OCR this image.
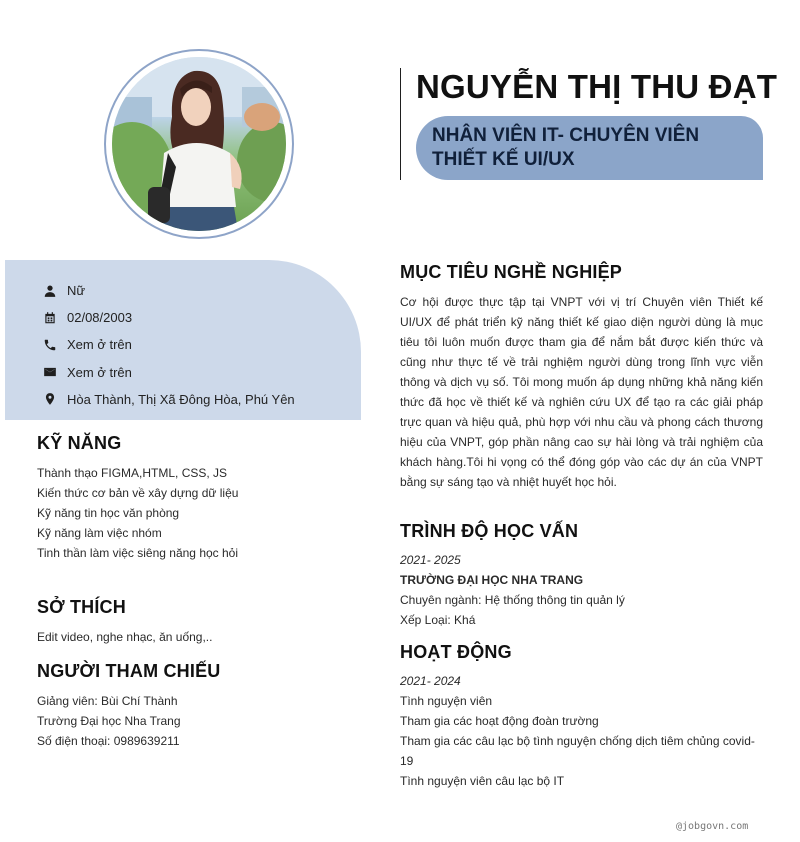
Nữ
02/08/2003
Xem ở trên
Xem ở trên
Hòa Thành, Thị Xã Đông Hòa, Phú Yên
NGUYỄN THỊ THU ĐẠT
NHÂN VIÊN IT- CHUYÊN VIÊN
THIẾT KẾ UI/UX
KỸ NĂNG
Thành thạo FIGMA,HTML, CSS, JS
Kiến thức cơ bản về xây dựng dữ liệu
Kỹ năng tin học văn phòng
Kỹ năng làm việc nhóm
Tinh thần làm việc siêng năng học hỏi
SỞ THÍCH
Edit video, nghe nhạc, ăn uống,..
NGƯỜI THAM CHIẾU
Giảng viên: Bùi Chí Thành
Trường Đại học Nha Trang
Số điện thoại: 0989639211
MỤC TIÊU NGHỀ NGHIỆP
Cơ hội được thực tập tại VNPT với vị trí Chuyên viên Thiết kế UI/UX để phát triển kỹ năng thiết kế giao diện người dùng là mục tiêu tôi luôn muốn được tham gia để nắm bắt được kiến thức và cũng như thực tế về trải nghiệm người dùng trong lĩnh vực viễn thông và dịch vụ số. Tôi mong muốn áp dụng những khả năng kiến thức đã học về thiết kế và nghiên cứu UX để tạo ra các giải pháp trực quan và hiệu quả, phù hợp với nhu cầu và phong cách thương hiệu của VNPT, góp phần nâng cao sự hài lòng và trải nghiệm của khách hàng.Tôi hi vọng có thể đóng góp vào các dự án của VNPT bằng sự sáng tạo và nhiệt huyết học hỏi.
TRÌNH ĐỘ HỌC VẤN
2021- 2025
TRƯỜNG ĐẠI HỌC NHA TRANG
Chuyên ngành: Hệ thống thông tin quản lý
Xếp Loại: Khá
HOẠT ĐỘNG
2021- 2024
Tình nguyện viên
Tham gia các hoạt động đoàn trường
Tham gia các câu lạc bộ tình nguyện chống dịch tiêm chủng covid-
19
Tình nguyện viên câu lạc bộ IT
@jobgovn.com
